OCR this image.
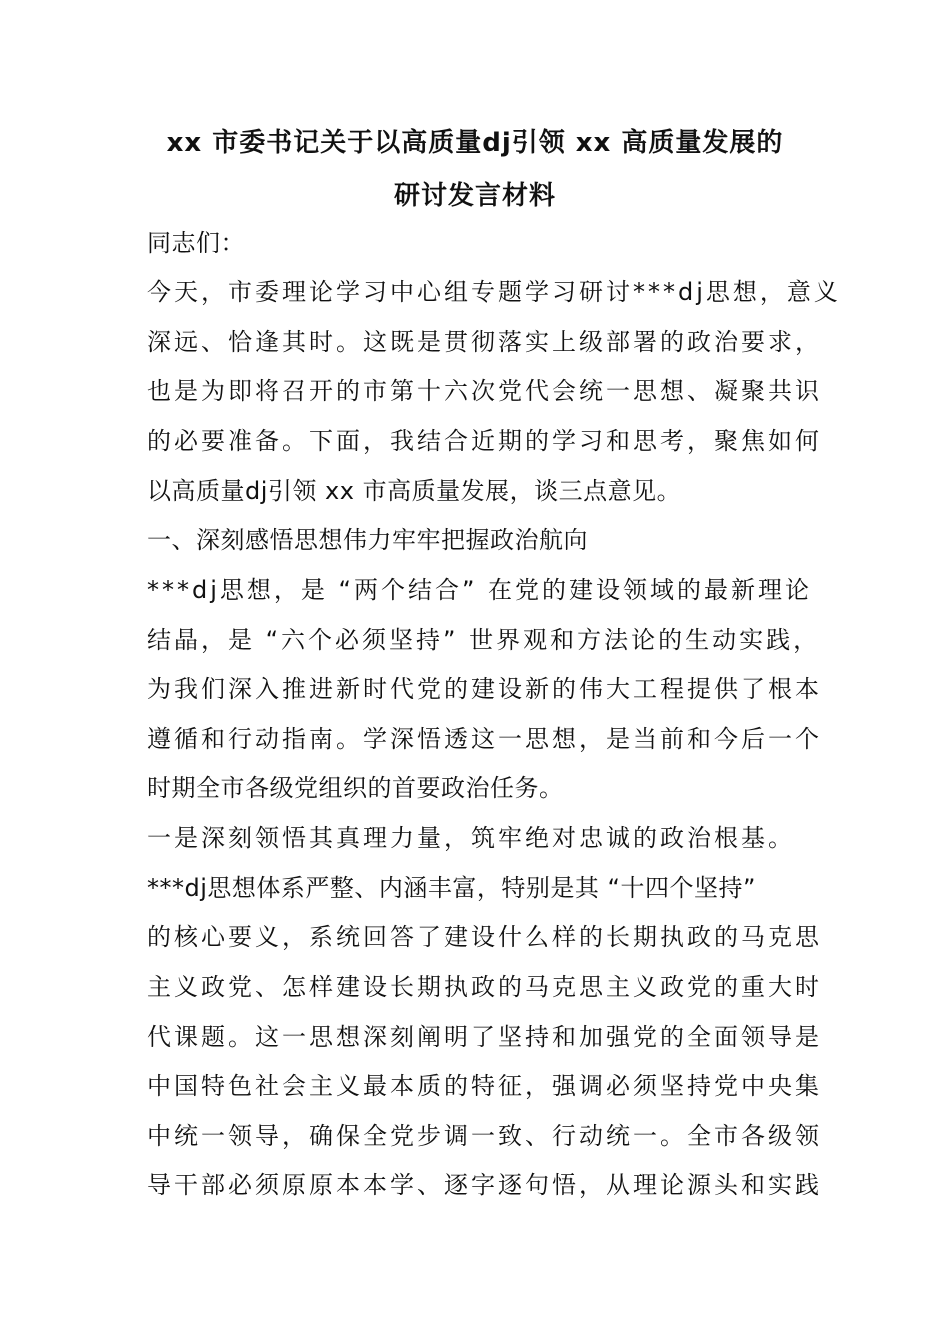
xx 市委书记关于以高质量dj引领 xx 高质量发展的
研讨发言材料
同志们：
今天，市委理论学习中心组专题学习研讨***dj思想，意义
深远、恰逢其时。这既是贯彻落实上级部署的政治要求，
也是为即将召开的市第十六次党代会统一思想、凝聚共识
的必要准备。下面，我结合近期的学习和思考，聚焦如何
以高质量dj引领 xx 市高质量发展，谈三点意见。
一、深刻感悟思想伟力牢牢把握政治航向
***dj思想，是 “两个结合” 在党的建设领域的最新理论
结晶，是 “六个必须坚持” 世界观和方法论的生动实践，
为我们深入推进新时代党的建设新的伟大工程提供了根本
遵循和行动指南。学深悟透这一思想，是当前和今后一个
时期全市各级党组织的首要政治任务。
一是深刻领悟其真理力量，筑牢绝对忠诚的政治根基。
***dj思想体系严整、内涵丰富，特别是其 “十四个坚持”
的核心要义，系统回答了建设什么样的长期执政的马克思
主义政党、怎样建设长期执政的马克思主义政党的重大时
代课题。这一思想深刻阐明了坚持和加强党的全面领导是
中国特色社会主义最本质的特征，强调必须坚持党中央集
中统一领导，确保全党步调一致、行动统一。全市各级领
导干部必须原原本本学、逐字逐句悟，从理论源头和实践
